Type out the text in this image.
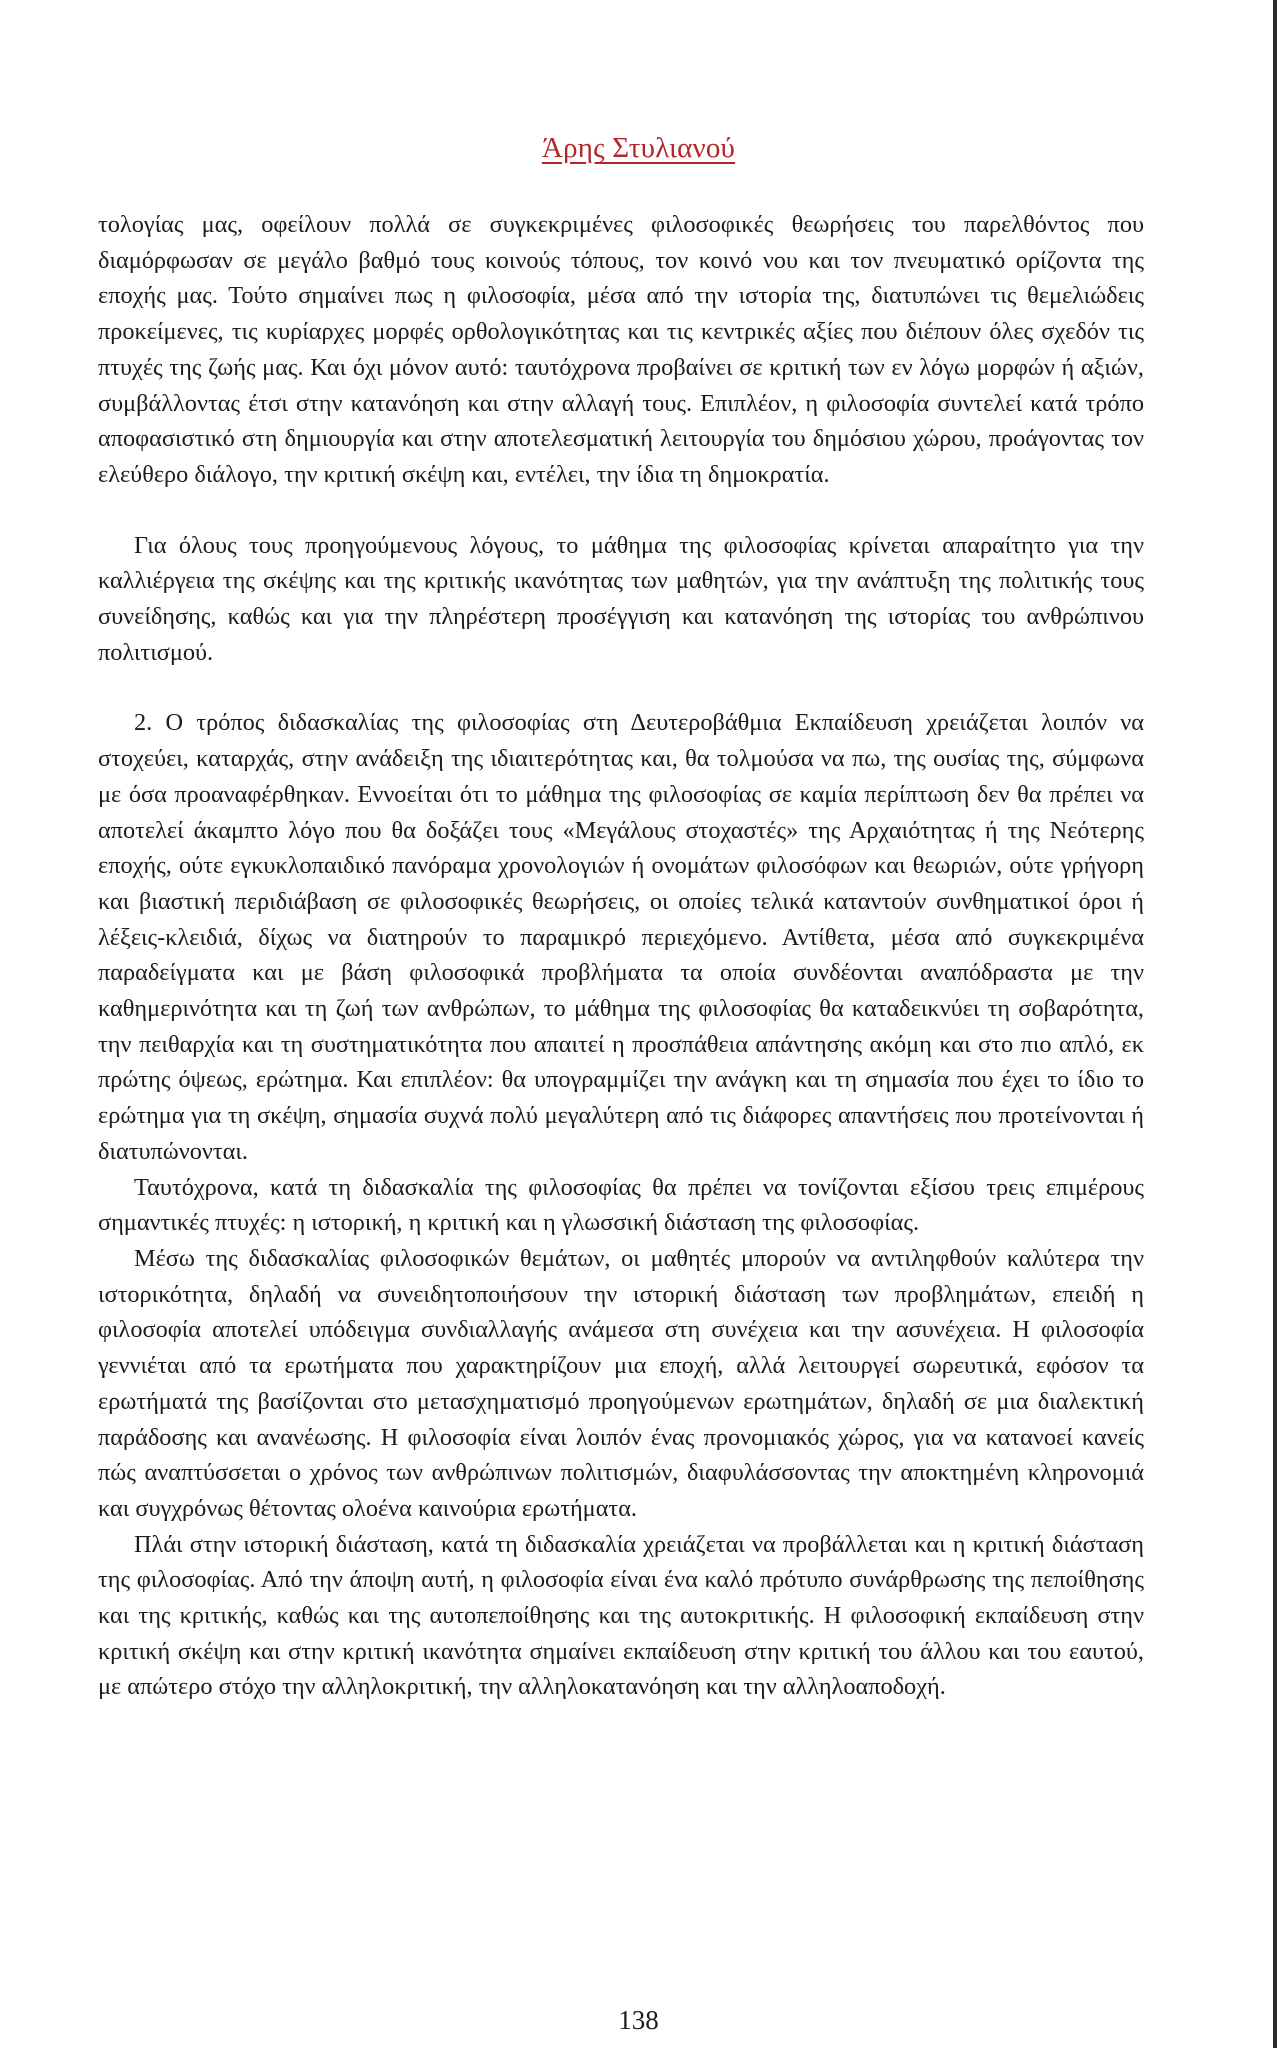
Άρης Στυλιανού

τολογίας μας, οφείλουν πολλά σε συγκεκριμένες φιλοσοφικές θεωρήσεις του παρελθόντος που διαμόρφωσαν σε μεγάλο βαθμό τους κοινούς τόπους, τον κοινό νου και τον πνευματικό ορίζοντα της εποχής μας. Τούτο σημαίνει πως η φιλοσοφία, μέσα από την ιστορία της, διατυπώνει τις θεμελιώδεις προκείμενες, τις κυρίαρχες μορφές ορθολογικότητας και τις κεντρικές αξίες που διέπουν όλες σχεδόν τις πτυχές της ζωής μας. Και όχι μόνον αυτό: ταυτόχρονα προβαίνει σε κριτική των εν λόγω μορφών ή αξιών, συμβάλλοντας έτσι στην κατανόηση και στην αλλαγή τους. Επιπλέον, η φιλοσοφία συντελεί κατά τρόπο αποφασιστικό στη δημιουργία και στην αποτελεσματική λειτουργία του δημόσιου χώρου, προάγοντας τον ελεύθερο διάλογο, την κριτική σκέψη και, εντέλει, την ίδια τη δημοκρατία.

Για όλους τους προηγούμενους λόγους, το μάθημα της φιλοσοφίας κρίνεται απαραίτητο για την καλλιέργεια της σκέψης και της κριτικής ικανότητας των μαθητών, για την ανάπτυξη της πολιτικής τους συνείδησης, καθώς και για την πληρέστερη προσέγγιση και κατανόηση της ιστορίας του ανθρώπινου πολιτισμού.

2. Ο τρόπος διδασκαλίας της φιλοσοφίας στη Δευτεροβάθμια Εκπαίδευση χρειάζεται λοιπόν να στοχεύει, καταρχάς, στην ανάδειξη της ιδιαιτερότητας και, θα τολμούσα να πω, της ουσίας της, σύμφωνα με όσα προαναφέρθηκαν. Εννοείται ότι το μάθημα της φιλοσοφίας σε καμία περίπτωση δεν θα πρέπει να αποτελεί άκαμπτο λόγο που θα δοξάζει τους «Μεγάλους στοχαστές» της Αρχαιότητας ή της Νεότερης εποχής, ούτε εγκυκλοπαιδικό πανόραμα χρονολογιών ή ονομάτων φιλοσόφων και θεωριών, ούτε γρήγορη και βιαστική περιδιάβαση σε φιλοσοφικές θεωρήσεις, οι οποίες τελικά καταντούν συνθηματικοί όροι ή λέξεις-κλειδιά, δίχως να διατηρούν το παραμικρό περιεχόμενο. Αντίθετα, μέσα από συγκεκριμένα παραδείγματα και με βάση φιλοσοφικά προβλήματα τα οποία συνδέονται αναπόδραστα με την καθημερινότητα και τη ζωή των ανθρώπων, το μάθημα της φιλοσοφίας θα καταδεικνύει τη σοβαρότητα, την πειθαρχία και τη συστηματικότητα που απαιτεί η προσπάθεια απάντησης ακόμη και στο πιο απλό, εκ πρώτης όψεως, ερώτημα. Και επιπλέον: θα υπογραμμίζει την ανάγκη και τη σημασία που έχει το ίδιο το ερώτημα για τη σκέψη, σημασία συχνά πολύ μεγαλύτερη από τις διάφορες απαντήσεις που προτείνονται ή διατυπώνονται.

Ταυτόχρονα, κατά τη διδασκαλία της φιλοσοφίας θα πρέπει να τονίζονται εξίσου τρεις επιμέρους σημαντικές πτυχές: η ιστορική, η κριτική και η γλωσσική διάσταση της φιλοσοφίας.

Μέσω της διδασκαλίας φιλοσοφικών θεμάτων, οι μαθητές μπορούν να αντιληφθούν καλύτερα την ιστορικότητα, δηλαδή να συνειδητοποιήσουν την ιστορική διάσταση των προβλημάτων, επειδή η φιλοσοφία αποτελεί υπόδειγμα συνδιαλλαγής ανάμεσα στη συνέχεια και την ασυνέχεια. Η φιλοσοφία γεννιέται από τα ερωτήματα που χαρακτηρίζουν μια εποχή, αλλά λειτουργεί σωρευτικά, εφόσον τα ερωτήματά της βασίζονται στο μετασχηματισμό προηγούμενων ερωτημάτων, δηλαδή σε μια διαλεκτική παράδοσης και ανανέωσης. Η φιλοσοφία είναι λοιπόν ένας προνομιακός χώρος, για να κατανοεί κανείς πώς αναπτύσσεται ο χρόνος των ανθρώπινων πολιτισμών, διαφυλάσσοντας την αποκτημένη κληρονομιά και συγχρόνως θέτοντας ολοένα καινούρια ερωτήματα.

Πλάι στην ιστορική διάσταση, κατά τη διδασκαλία χρειάζεται να προβάλλεται και η κριτική διάσταση της φιλοσοφίας. Από την άποψη αυτή, η φιλοσοφία είναι ένα καλό πρότυπο συνάρθρωσης της πεποίθησης και της κριτικής, καθώς και της αυτοπεποίθησης και της αυτοκριτικής. Η φιλοσοφική εκπαίδευση στην κριτική σκέψη και στην κριτική ικανότητα σημαίνει εκπαίδευση στην κριτική του άλλου και του εαυτού, με απώτερο στόχο την αλληλοκριτική, την αλληλοκατανόηση και την αλληλοαποδοχή.

138
